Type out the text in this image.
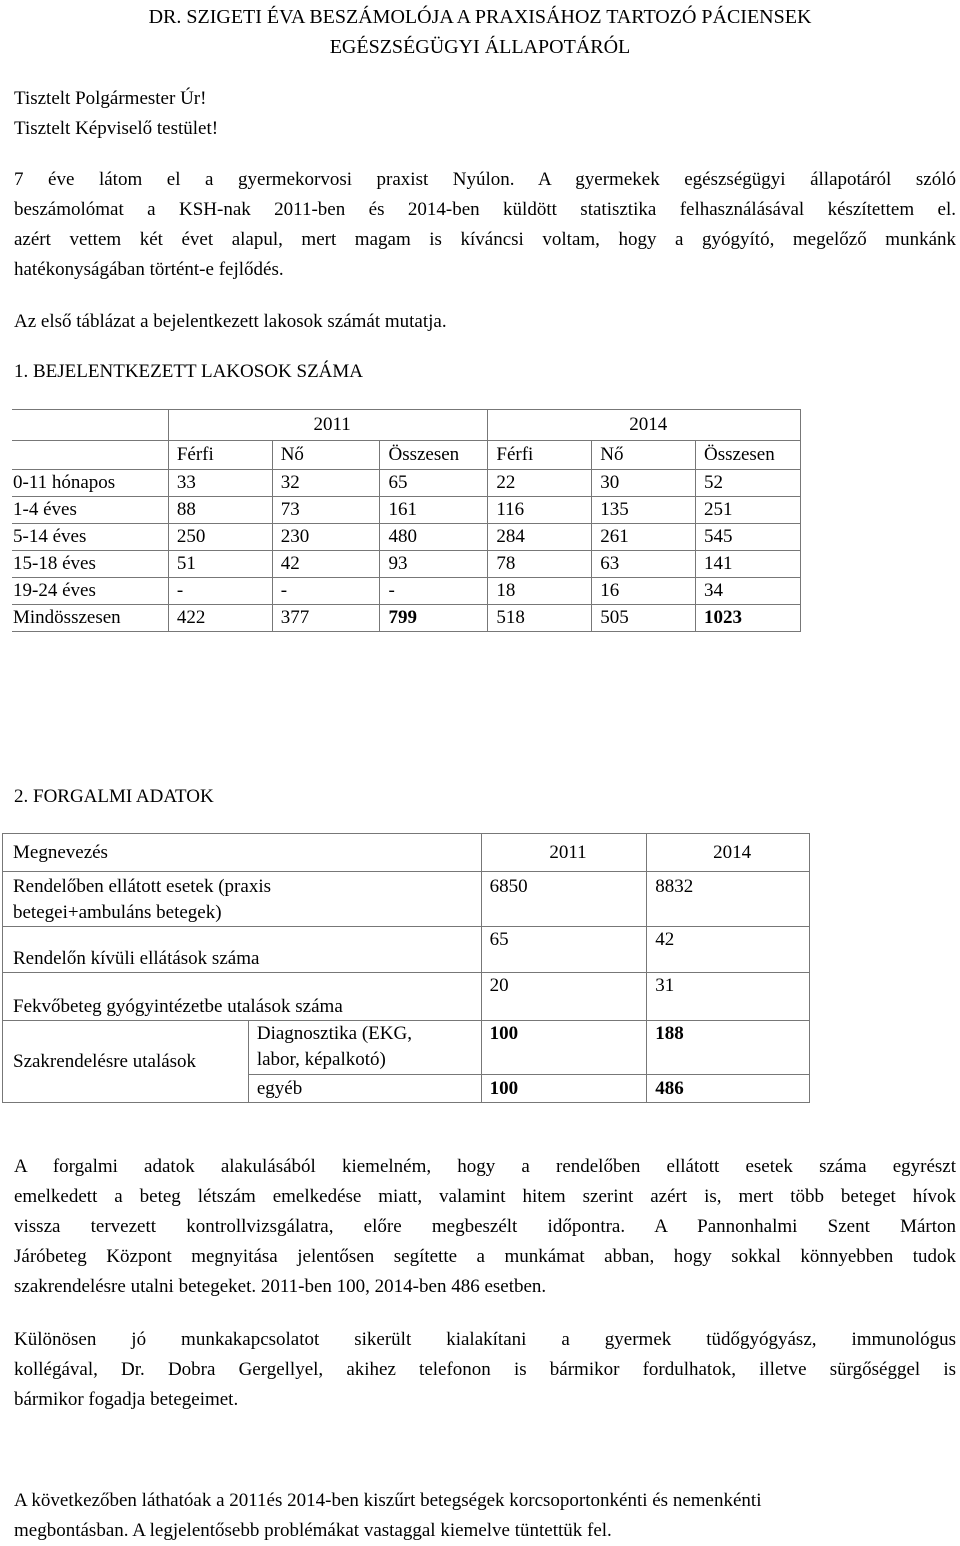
DR. SZIGETI ÉVA BESZÁMOLÓJA A PRAXISÁHOZ TARTOZÓ PÁCIENSEK
EGÉSZSÉGÜGYI ÁLLAPOTÁRÓL
Tisztelt Polgármester Úr!
Tisztelt Képviselő testület!
7 éve látom el a gyermekorvosi praxist Nyúlon. A gyermekek egészségügyi állapotáról szóló
beszámolómat a KSH-nak 2011-ben és 2014-ben küldött statisztika felhasználásával készítettem el.
azért vettem két évet alapul, mert magam is kíváncsi voltam, hogy a gyógyító, megelőző munkánk
hatékonyságában történt-e fejlődés.
Az első táblázat a bejelentkezett lakosok számát mutatja.
1. BEJELENTKEZETT LAKOSOK SZÁMA
	2011			2014		
	Férfi	Nő	Összesen	Férfi	Nő	Összesen
0-11 hónapos	33	32	65	22	30	52
1-4 éves	88	73	161	116	135	251
5-14 éves	250	230	480	284	261	545
15-18 éves	51	42	93	78	63	141
19-24 éves	-	-	-	18	16	34
Mindösszesen	422	377	799	518	505	1023
2. FORGALMI ADATOK
Megnevezés		2011	2014

Rendelőben ellátott esetek (praxis
betegei+ambuláns betegek)		6850	8832
Rendelőn kívüli ellátások száma		65	42
Fekvőbeteg gyógyintézetbe utalások száma		20	31
Szakrendelésre utalások	Diagnosztika (EKG,
labor, képalkotó)	100	188
	egyéb	100	486
A forgalmi adatok alakulásából kiemelném, hogy a rendelőben ellátott esetek száma egyrészt
emelkedett a beteg létszám emelkedése miatt, valamint hitem szerint azért is, mert több beteget hívok
vissza tervezett kontrollvizsgálatra, előre megbeszélt időpontra. A Pannonhalmi Szent Márton
Járóbeteg Központ megnyitása jelentősen segítette a munkámat abban, hogy sokkal könnyebben tudok
szakrendelésre utalni betegeket. 2011-ben 100, 2014-ben 486 esetben.
Különösen jó munkakapcsolatot sikerült kialakítani a gyermek tüdőgyógyász, immunológus
kollégával, Dr. Dobra Gergellyel, akihez telefonon is bármikor fordulhatok, illetve sürgőséggel is
bármikor fogadja betegeimet.
A következőben láthatóak a 2011és 2014-ben kiszűrt betegségek korcsoportonkénti és nemenkénti
megbontásban. A legjelentősebb problémákat vastaggal kiemelve tüntettük fel.
